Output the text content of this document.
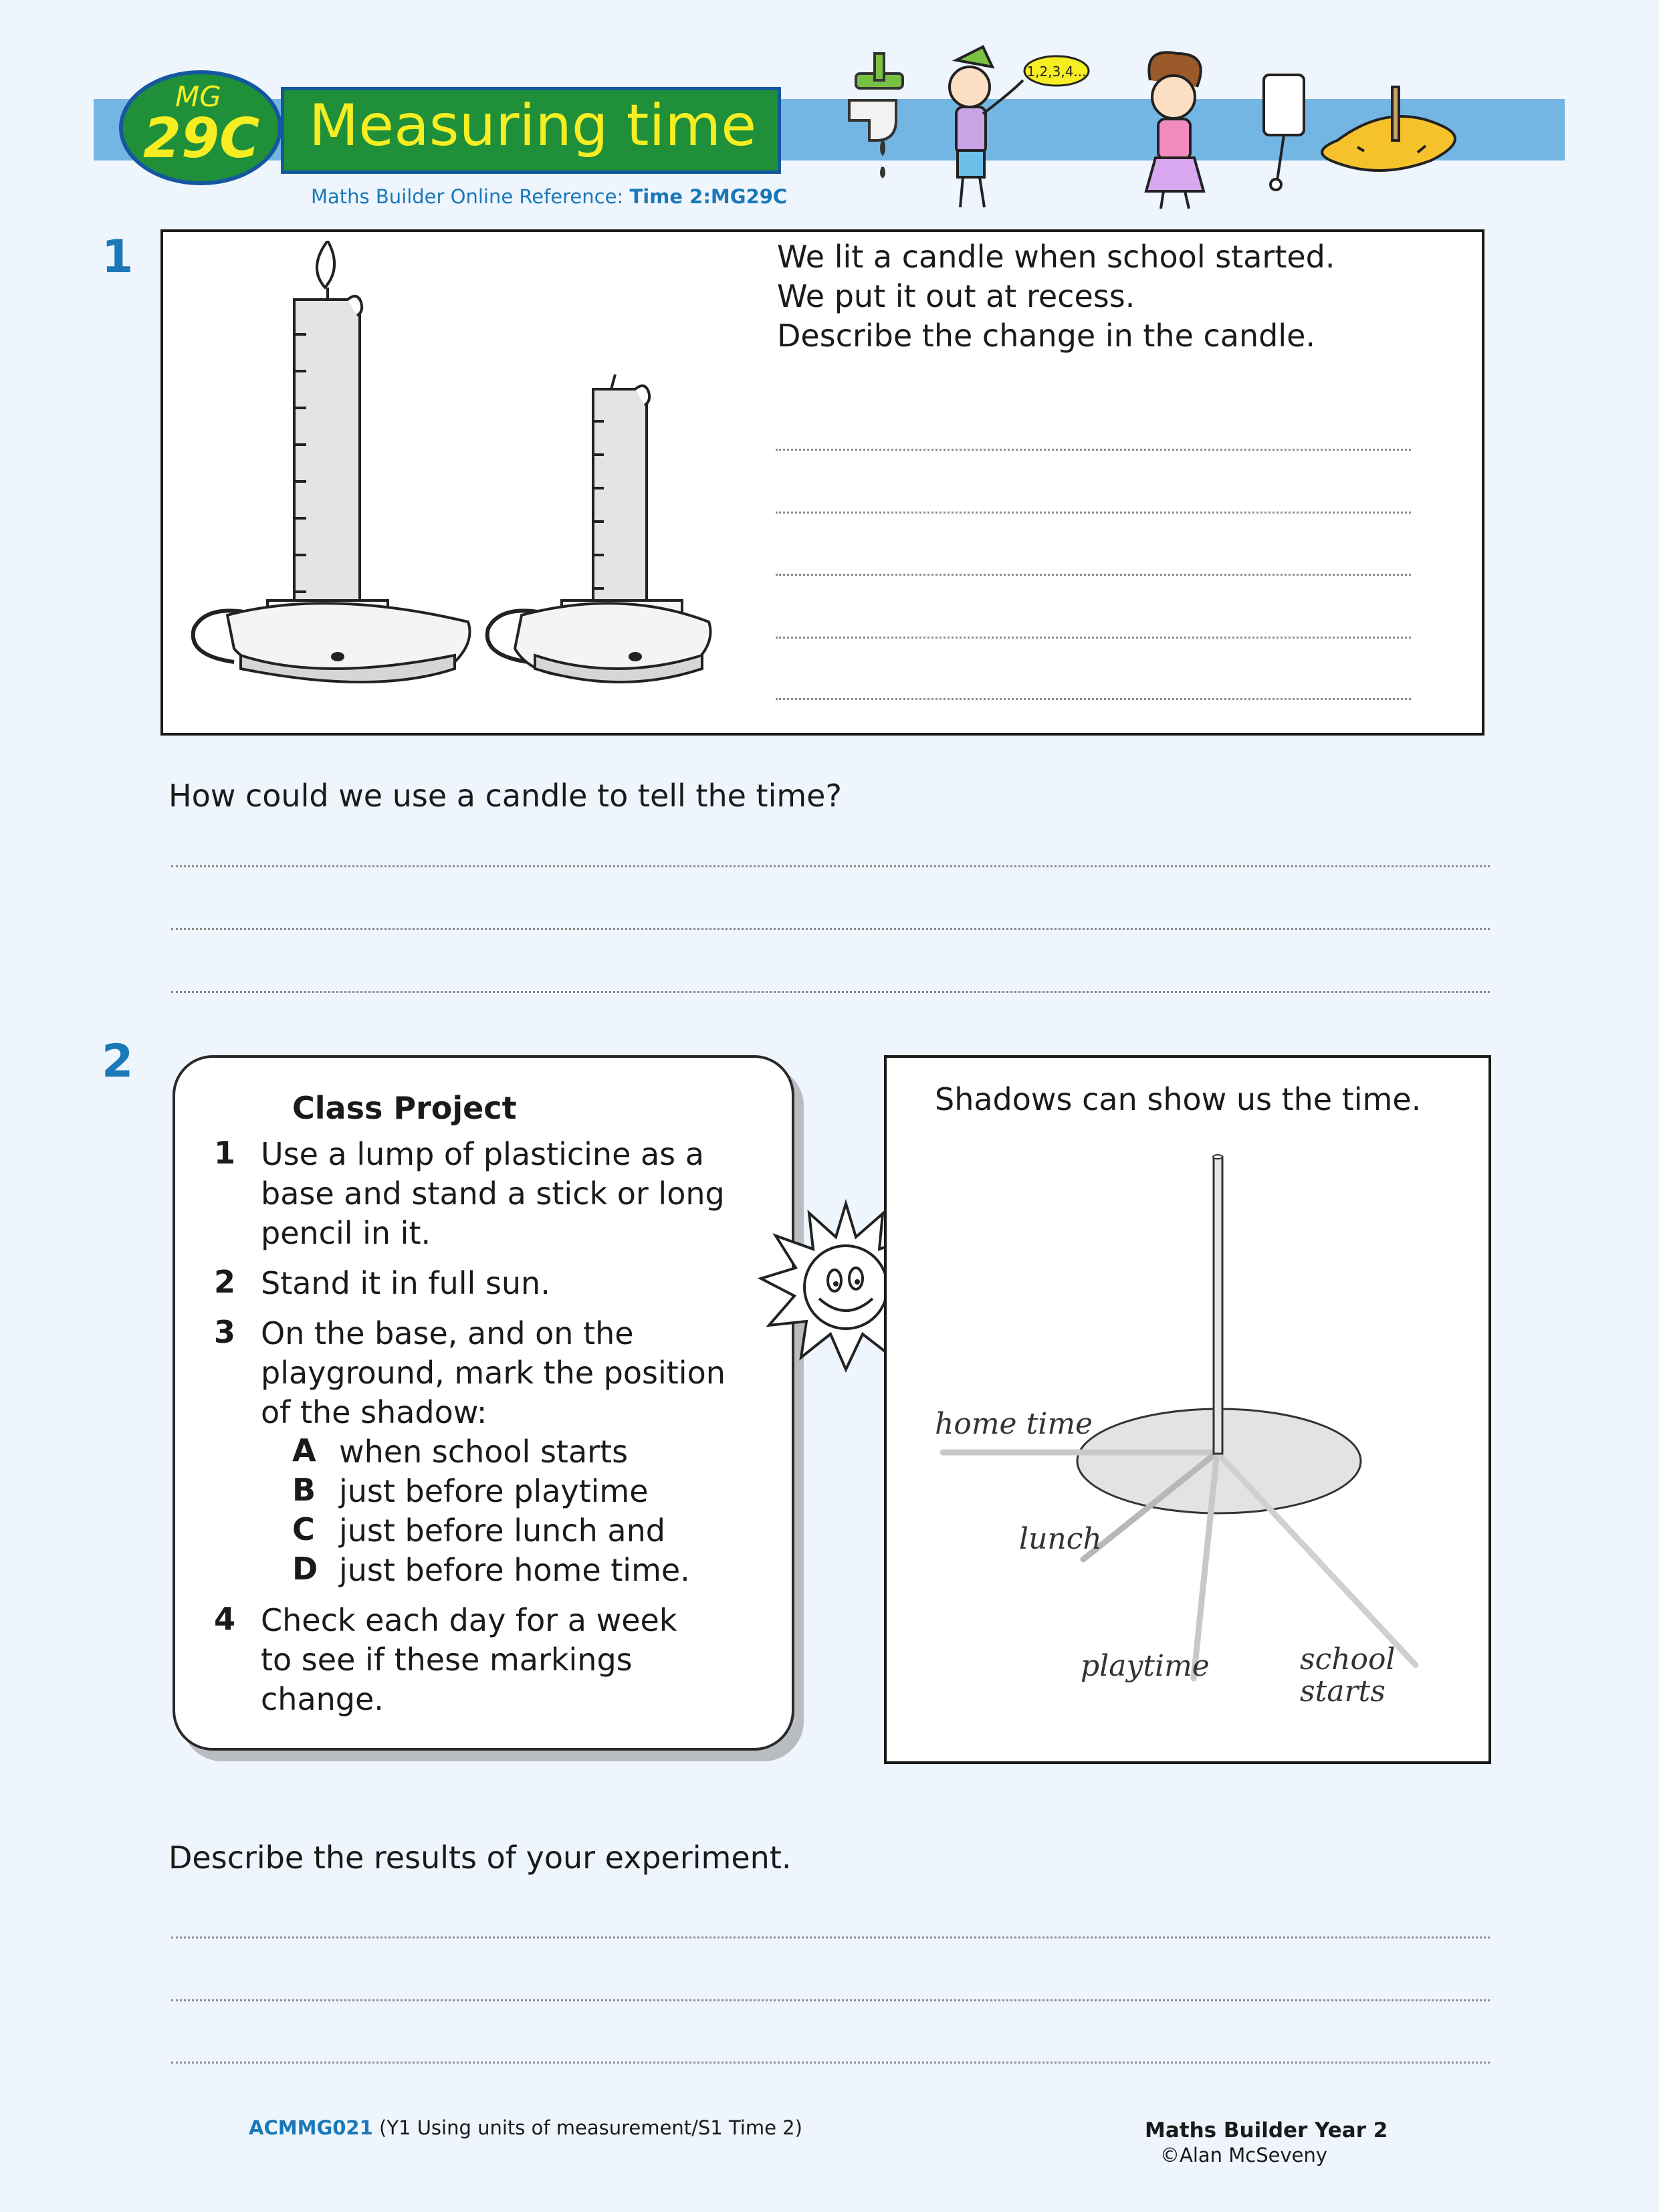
MG
29C Measuring time
Maths Builder Online Reference: Time 2:MG29C
1,2,3,4...
1	We lit a candle when school started.
We put it out at recess.
Describe the change in the candle.
How could we use a candle to tell the time?
2
Class Project
1 Use a lump of plasticine as a
base and stand a stick or long
pencil in it.
2 Stand it in full sun.
3 On the base, and on the
playground, mark the position
of the shadow:
A when school starts
B just before playtime
C just before lunch and
D just before home time.
4 Check each day for a week
to see if these markings
change.
Shadows can show us the time.
home time
lunch
playtime	school
starts
Describe the results of your experiment.
ACMMG021 (Y1 Using units of measurement/S1 Time 2)	Maths Builder Year 2
©Alan McSeveny
